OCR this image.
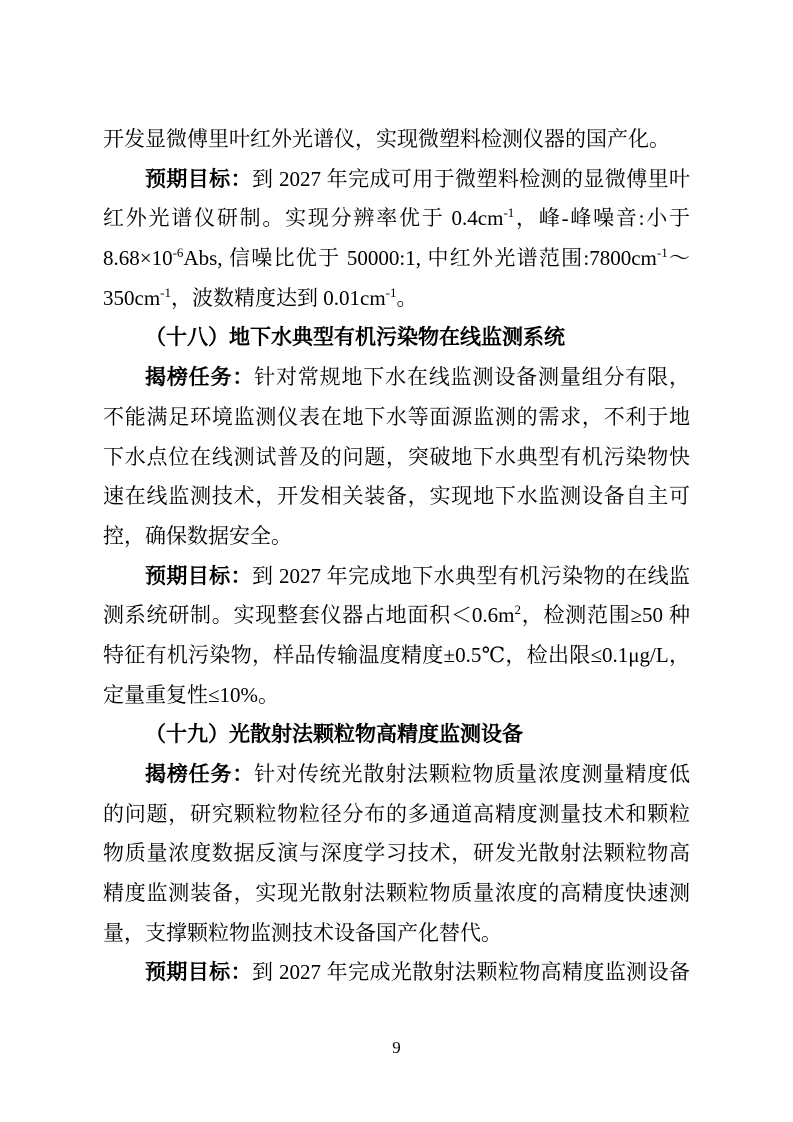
开发显微傅里叶红外光谱仪，实现微塑料检测仪器的国产化。
预期目标：到 2027 年完成可用于微塑料检测的显微傅里叶
红外光谱仪研制。实现分辨率优于 $0.4cm^{-1}$，峰-峰噪音:小于
$8.68\times 10^{-6}Abs$, 信噪比优于 50000:1, 中红外光谱范围$:7800cm^{-1}\sim$
$350cm^{-1}$，波数精度达到 $0.01cm^{-1}$。
（十八）地下水典型有机污染物在线监测系统
揭榜任务：针对常规地下水在线监测设备测量组分有限，
不能满足环境监测仪表在地下水等面源监测的需求，不利于地
下水点位在线测试普及的问题，突破地下水典型有机污染物快
速在线监测技术，开发相关装备，实现地下水监测设备自主可
控，确保数据安全。
预期目标：到 2027 年完成地下水典型有机污染物的在线监
测系统研制。实现整套仪器占地面积$<0.6m^2$，检测范围≥50 种
特征有机污染物，样品传输温度精度±0.5℃，检出限≤0.1μg/L，
定量重复性≤10%。
（十九）光散射法颗粒物高精度监测设备
揭榜任务：针对传统光散射法颗粒物质量浓度测量精度低
的问题，研究颗粒物粒径分布的多通道高精度测量技术和颗粒
物质量浓度数据反演与深度学习技术，研发光散射法颗粒物高
精度监测装备，实现光散射法颗粒物质量浓度的高精度快速测
量，支撑颗粒物监测技术设备国产化替代。
预期目标：到 2027 年完成光散射法颗粒物高精度监测设备
9
